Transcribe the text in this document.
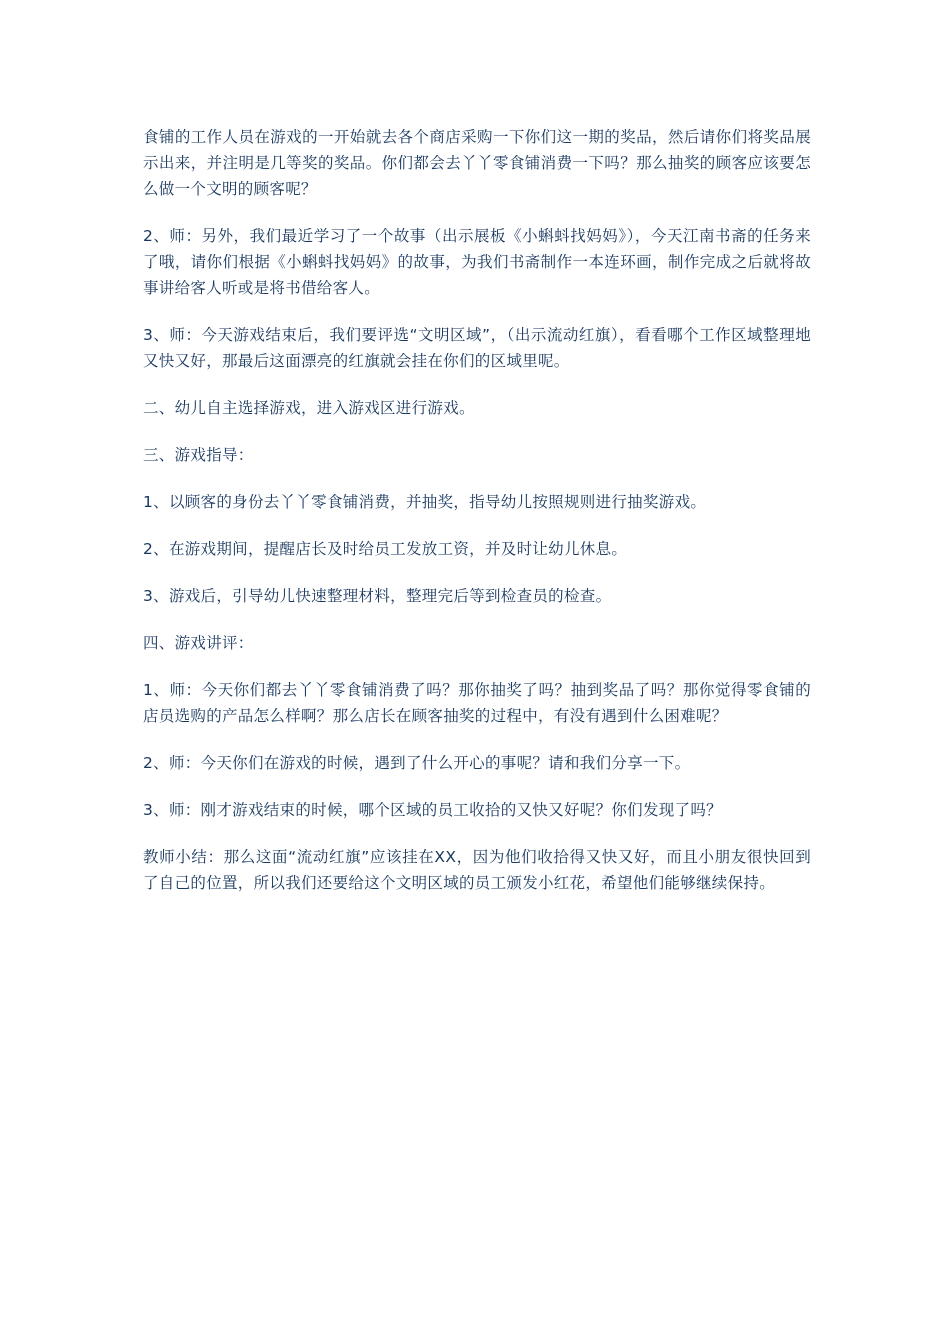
食铺的工作人员在游戏的一开始就去各个商店采购一下你们这一期的奖品，然后请你们将奖品展示出来，并注明是几等奖的奖品。你们都会去丫丫零食铺消费一下吗？那么抽奖的顾客应该要怎么做一个文明的顾客呢？

2、师：另外，我们最近学习了一个故事（出示展板《小蝌蚪找妈妈》），今天江南书斋的任务来了哦，请你们根据《小蝌蚪找妈妈》的故事，为我们书斋制作一本连环画，制作完成之后就将故事讲给客人听或是将书借给客人。

3、师：今天游戏结束后，我们要评选“文明区域”，（出示流动红旗），看看哪个工作区域整理地又快又好，那最后这面漂亮的红旗就会挂在你们的区域里呢。

二、幼儿自主选择游戏，进入游戏区进行游戏。

三、游戏指导：

1、以顾客的身份去丫丫零食铺消费，并抽奖，指导幼儿按照规则进行抽奖游戏。

2、在游戏期间，提醒店长及时给员工发放工资，并及时让幼儿休息。

3、游戏后，引导幼儿快速整理材料，整理完后等到检查员的检查。

四、游戏讲评：

1、师：今天你们都去丫丫零食铺消费了吗？那你抽奖了吗？抽到奖品了吗？那你觉得零食铺的店员选购的产品怎么样啊？那么店长在顾客抽奖的过程中，有没有遇到什么困难呢？

2、师：今天你们在游戏的时候，遇到了什么开心的事呢？请和我们分享一下。

3、师：刚才游戏结束的时候，哪个区域的员工收拾的又快又好呢？你们发现了吗？

教师小结：那么这面“流动红旗”应该挂在XX，因为他们收拾得又快又好，而且小朋友很快回到了自己的位置，所以我们还要给这个文明区域的员工颁发小红花，希望他们能够继续保持。
